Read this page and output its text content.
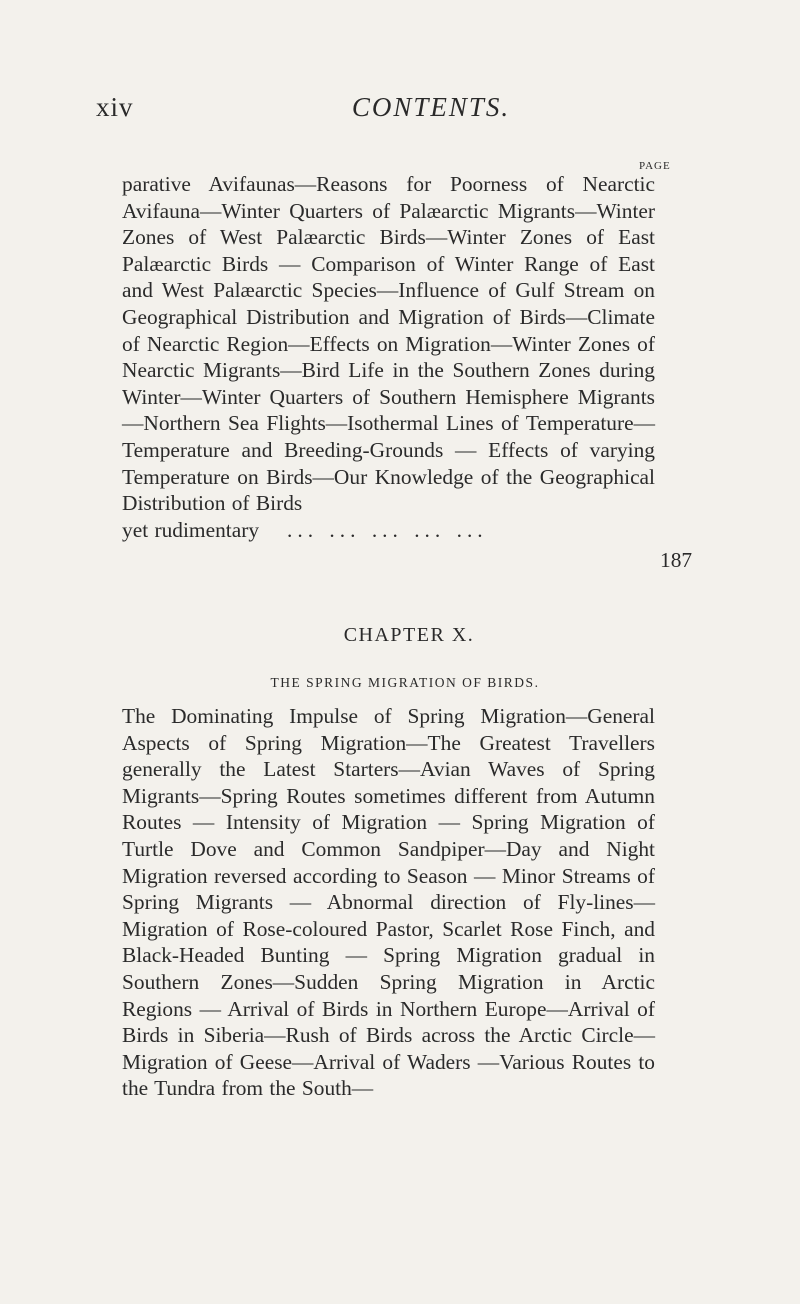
xiv	CONTENTS.
PAGE
parative Avifaunas—Reasons for Poorness of Nearctic Avifauna—Winter Quarters of Palæarctic Migrants—Winter Zones of West Palæarctic Birds—Winter Zones of East Palæarctic Birds — Comparison of Winter Range of East and West Palæarctic Species—Influence of Gulf Stream on Geographical Distribution and Migration of Birds—Climate of Nearctic Region—Effects on Migration—Winter Zones of Nearctic Migrants—Bird Life in the Southern Zones during Winter—Winter Quarters of Southern Hemisphere Migrants—Northern Sea Flights—Isothermal Lines of Temperature—Temperature and Breeding-Grounds — Effects of varying Temperature on Birds—Our Knowledge of the Geographical Distribution of Birds
yet rudimentary	... ... ... ... ...
187
CHAPTER X.
THE SPRING MIGRATION OF BIRDS.
The Dominating Impulse of Spring Migration—General Aspects of Spring Migration—The Greatest Travellers generally the Latest Starters—Avian Waves of Spring Migrants—Spring Routes sometimes different from Autumn Routes — Intensity of Migration — Spring Migration of Turtle Dove and Common Sandpiper—Day and Night Migration reversed according to Season — Minor Streams of Spring Migrants — Abnormal direction of Fly-lines—Migration of Rose-coloured Pastor, Scarlet Rose Finch, and Black-Headed Bunting — Spring Migration gradual in Southern Zones—Sudden Spring Migration in Arctic Regions — Arrival of Birds in Northern Europe—Arrival of Birds in Siberia—Rush of Birds across the Arctic Circle—Migration of Geese—Arrival of Waders —Various Routes to the Tundra from the South—
